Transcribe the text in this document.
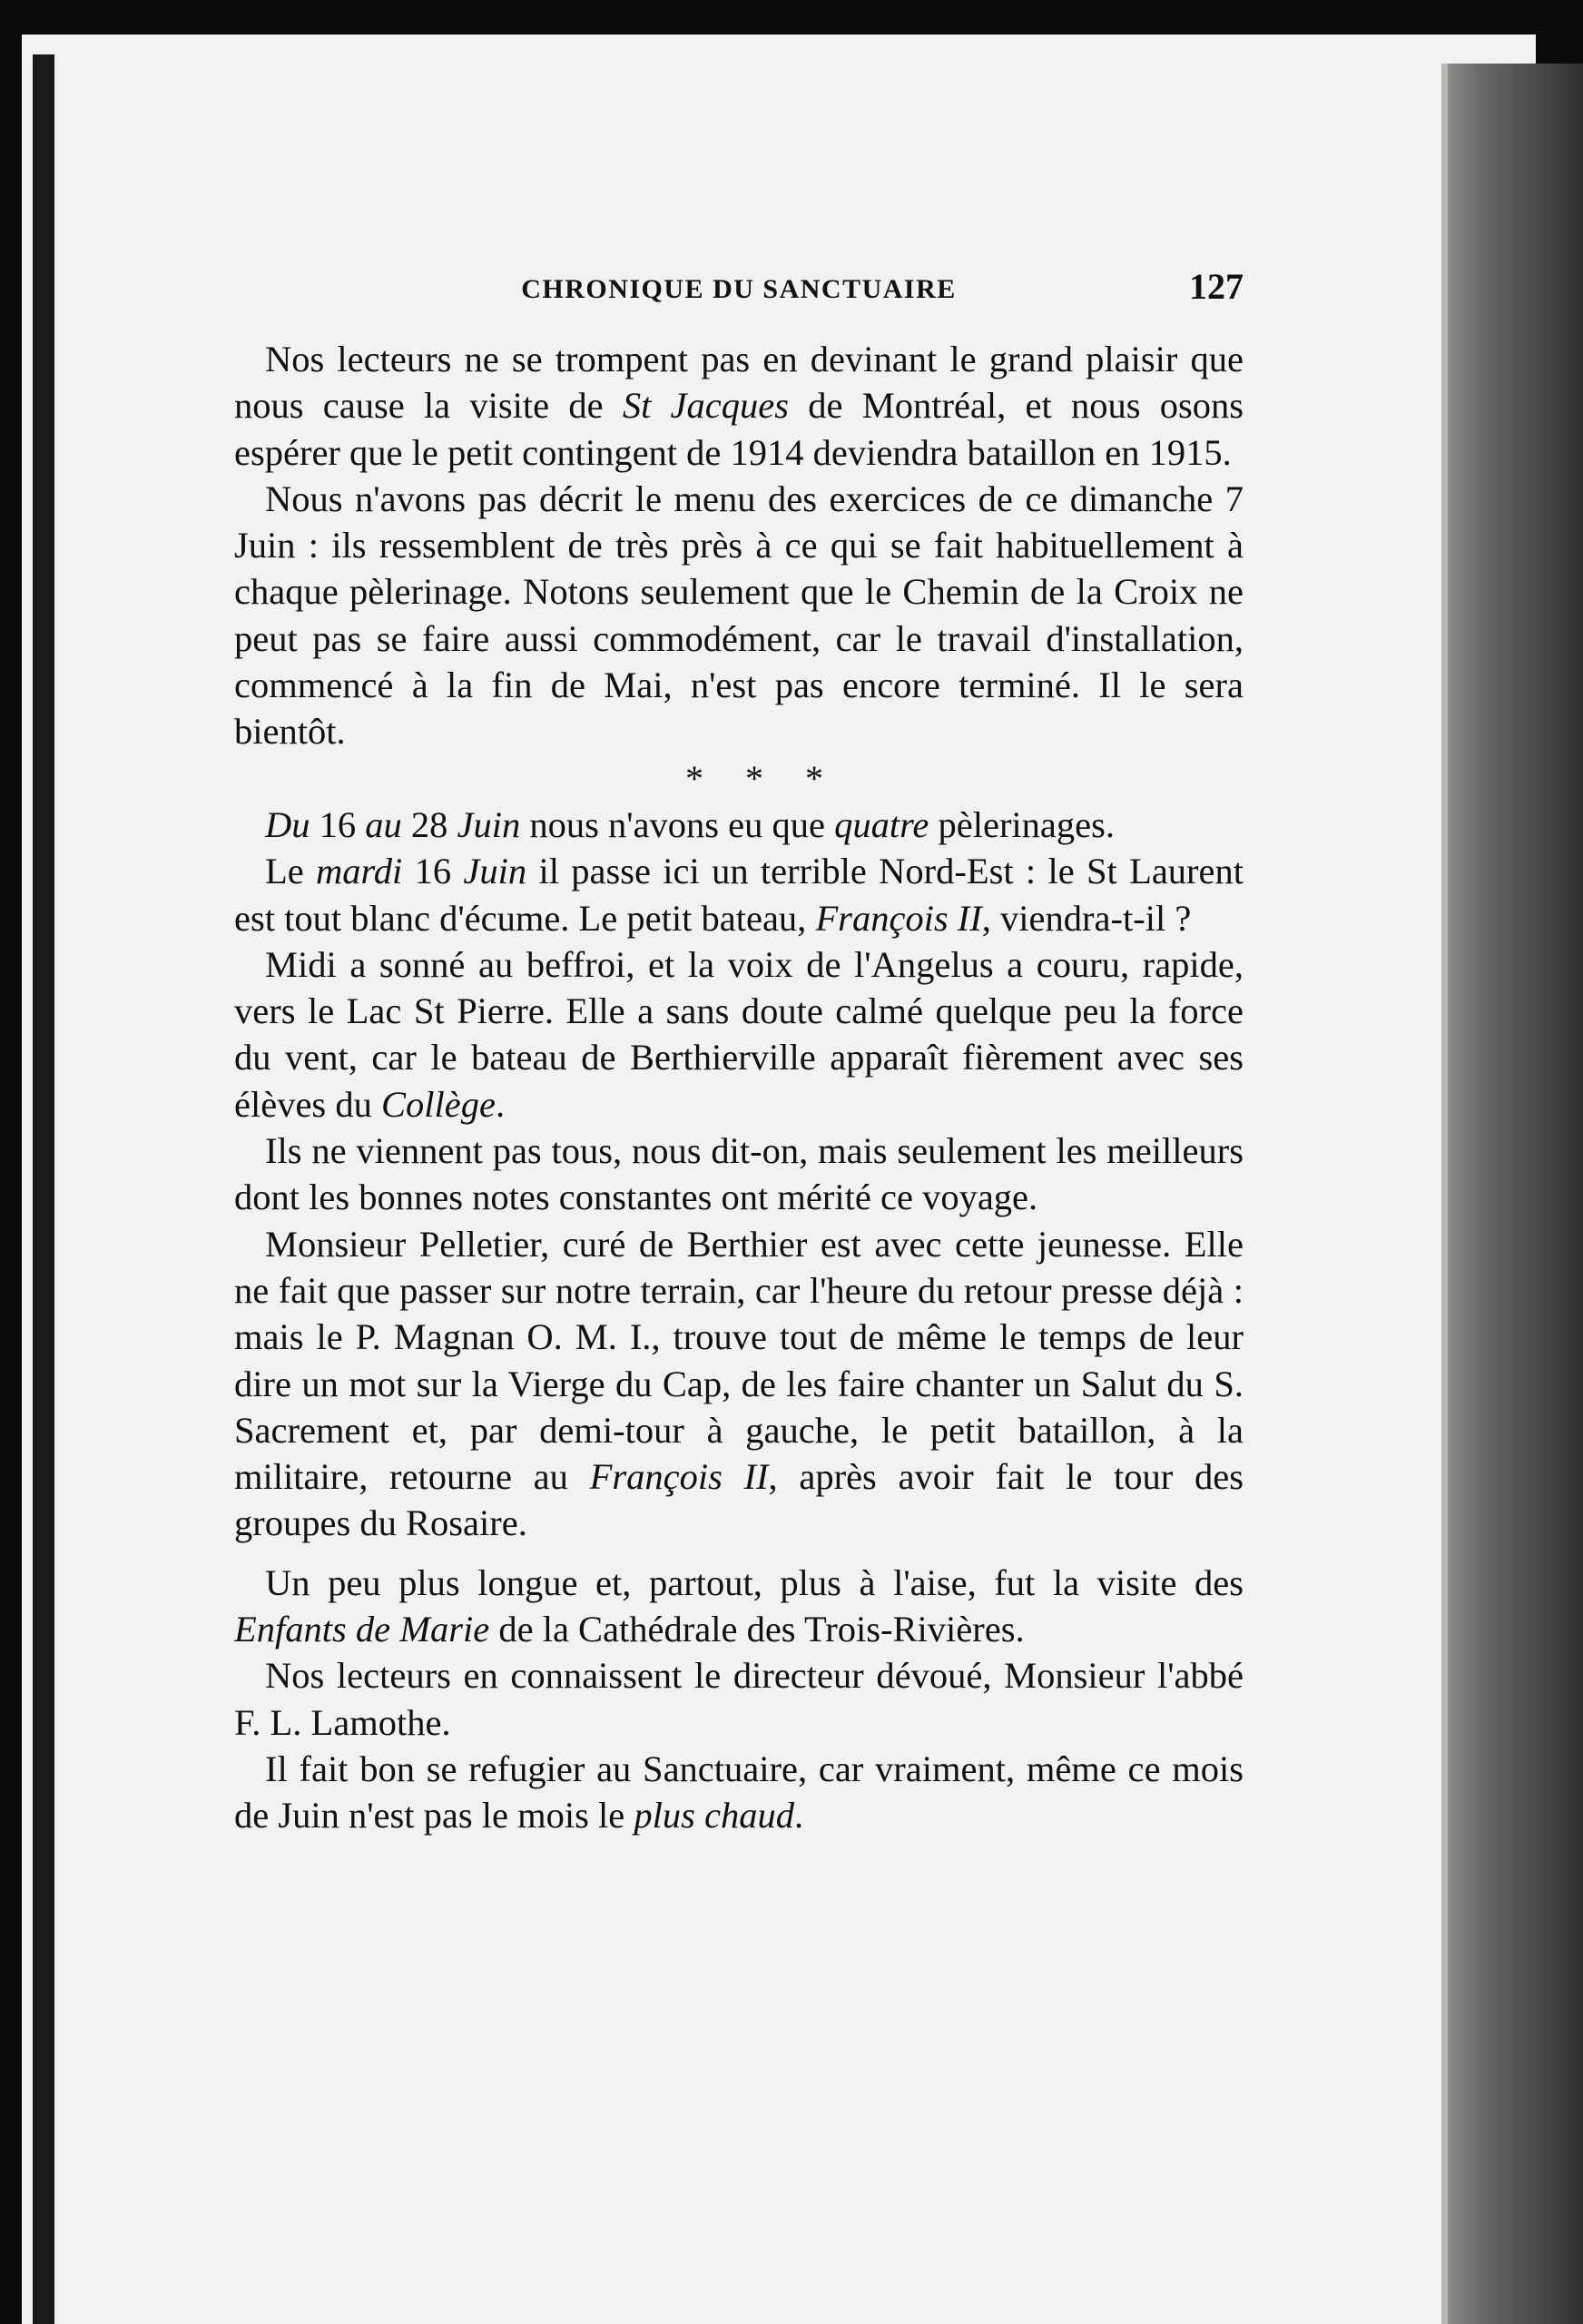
CHRONIQUE DU SANCTUAIRE	127

Nos lecteurs ne se trompent pas en devinant le grand plaisir que nous cause la visite de St Jacques de Montréal, et nous osons espérer que le petit contingent de 1914 deviendra bataillon en 1915.

Nous n'avons pas décrit le menu des exercices de ce dimanche 7 Juin : ils ressemblent de très près à ce qui se fait habituellement à chaque pèlerinage. Notons seulement que le Chemin de la Croix ne peut pas se faire aussi commodément, car le travail d'installation, commencé à la fin de Mai, n'est pas encore terminé. Il le sera bientôt.

* * *

Du 16 au 28 Juin nous n'avons eu que quatre pèlerinages.

Le mardi 16 Juin il passe ici un terrible Nord-Est : le St Laurent est tout blanc d'écume. Le petit bateau, François II, viendra-t-il ?

Midi a sonné au beffroi, et la voix de l'Angelus a couru, rapide, vers le Lac St Pierre. Elle a sans doute calmé quelque peu la force du vent, car le bateau de Berthierville apparaît fièrement avec ses élèves du Collège.

Ils ne viennent pas tous, nous dit-on, mais seulement les meilleurs dont les bonnes notes constantes ont mérité ce voyage.

Monsieur Pelletier, curé de Berthier est avec cette jeunesse. Elle ne fait que passer sur notre terrain, car l'heure du retour presse déjà : mais le P. Magnan O. M. I., trouve tout de même le temps de leur dire un mot sur la Vierge du Cap, de les faire chanter un Salut du S. Sacrement et, par demi-tour à gauche, le petit bataillon, à la militaire, retourne au François II, après avoir fait le tour des groupes du Rosaire.

Un peu plus longue et, partout, plus à l'aise, fut la visite des Enfants de Marie de la Cathédrale des Trois-Rivières.

Nos lecteurs en connaissent le directeur dévoué, Monsieur l'abbé F. L. Lamothe.

Il fait bon se refugier au Sanctuaire, car vraiment, même ce mois de Juin n'est pas le mois le plus chaud.
